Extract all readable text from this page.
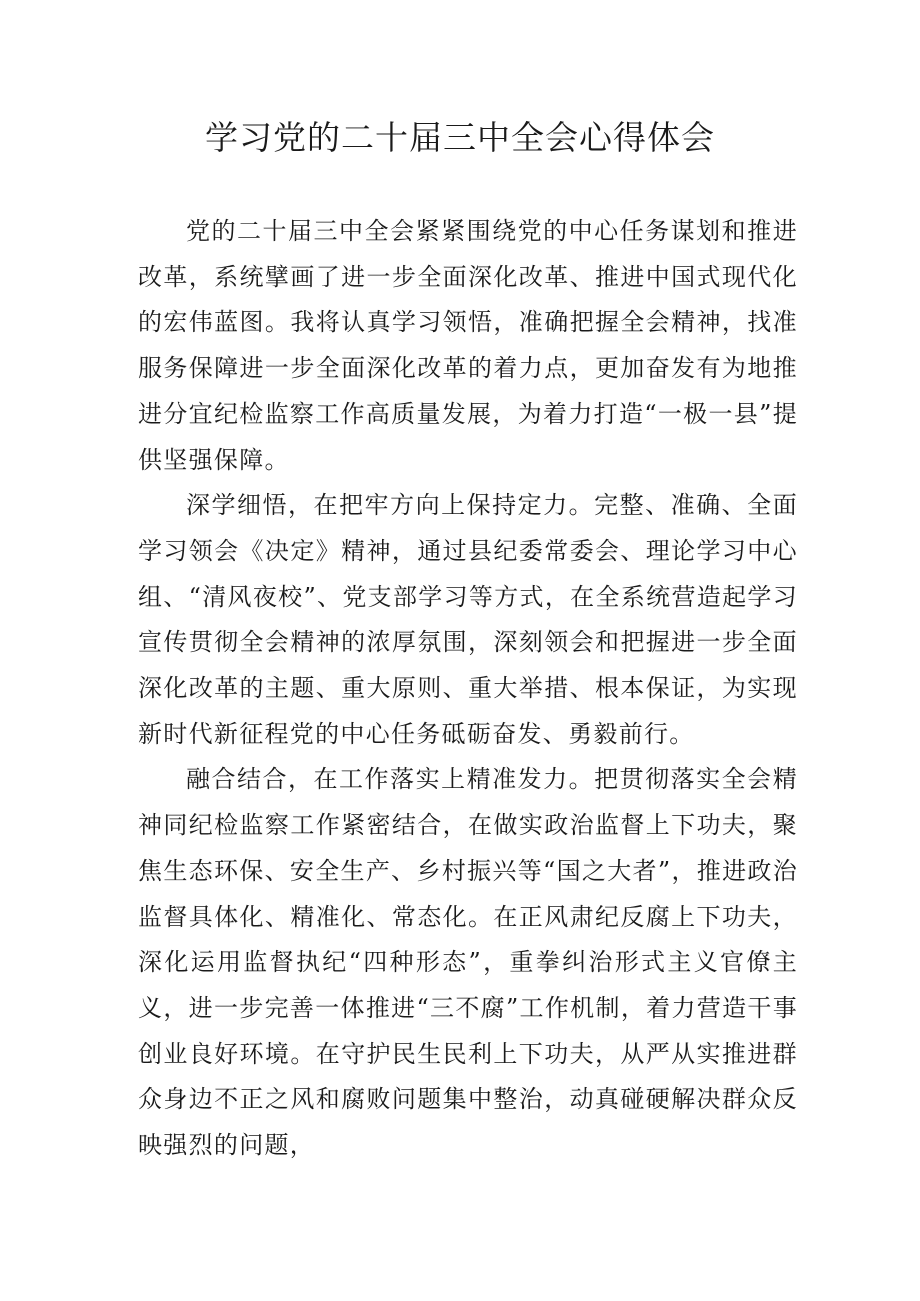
学习党的二十届三中全会心得体会

党的二十届三中全会紧紧围绕党的中心任务谋划和推进改革，系统擘画了进一步全面深化改革、推进中国式现代化的宏伟蓝图。我将认真学习领悟，准确把握全会精神，找准服务保障进一步全面深化改革的着力点，更加奋发有为地推进分宜纪检监察工作高质量发展，为着力打造“一极一县”提供坚强保障。

深学细悟，在把牢方向上保持定力。完整、准确、全面学习领会《决定》精神，通过县纪委常委会、理论学习中心组、“清风夜校”、党支部学习等方式，在全系统营造起学习宣传贯彻全会精神的浓厚氛围，深刻领会和把握进一步全面深化改革的主题、重大原则、重大举措、根本保证，为实现新时代新征程党的中心任务砥砺奋发、勇毅前行。

融合结合，在工作落实上精准发力。把贯彻落实全会精神同纪检监察工作紧密结合，在做实政治监督上下功夫，聚焦生态环保、安全生产、乡村振兴等“国之大者”，推进政治监督具体化、精准化、常态化。在正风肃纪反腐上下功夫，深化运用监督执纪“四种形态”，重拳纠治形式主义官僚主义，进一步完善一体推进“三不腐”工作机制，着力营造干事创业良好环境。在守护民生民利上下功夫，从严从实推进群众身边不正之风和腐败问题集中整治，动真碰硬解决群众反映强烈的问题，
